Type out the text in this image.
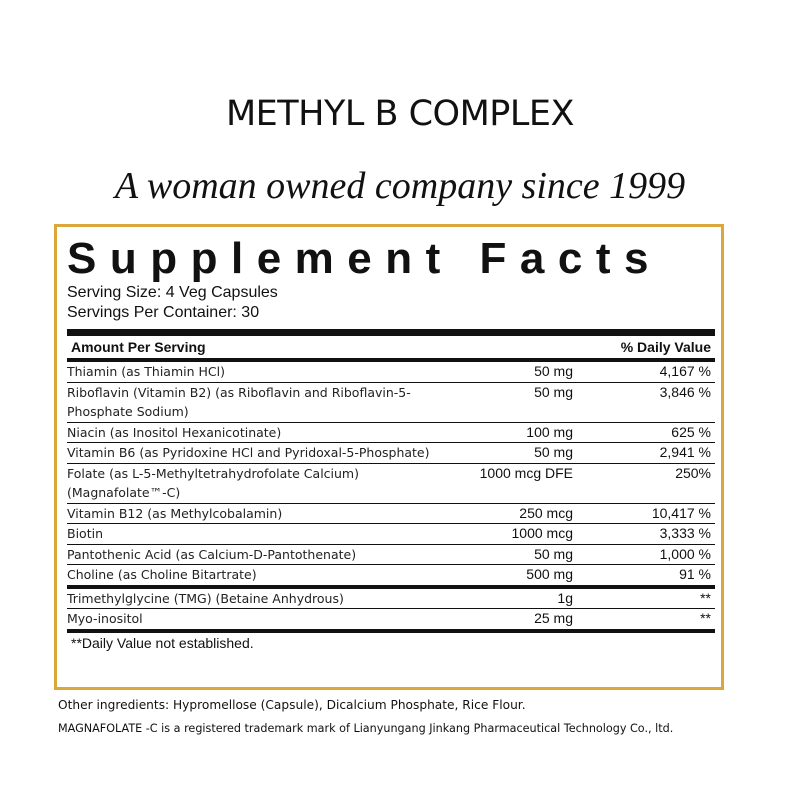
METHYL B COMPLEX
A woman owned company since 1999
Supplement Facts
Serving Size: 4 Veg Capsules
Servings Per Container: 30
Amount Per Serving	% Daily Value
Thiamin (as Thiamin HCl)	50 mg	4,167 %
Riboflavin (Vitamin B2) (as Riboflavin and Riboflavin-5-Phosphate Sodium)
50 mg	3,846 %
Niacin (as Inositol Hexanicotinate)	100 mg	625 %
Vitamin B6 (as Pyridoxine HCl and Pyridoxal-5-Phosphate)	50 mg	2,941 %
Folate (as L-5-Methyltetrahydrofolate Calcium)(Magnafolate™-C)
1000 mcg DFE	250%
Vitamin B12 (as Methylcobalamin)	250 mcg	10,417 %
Biotin	1000 mcg	3,333 %
Pantothenic Acid (as Calcium-D-Pantothenate)	50 mg	1,000 %
Choline (as Choline Bitartrate)	500 mg	91 %
Trimethylglycine (TMG) (Betaine Anhydrous)	1g	**
Myo-inositol	25 mg	**
**Daily Value not established.
Other ingredients: Hypromellose (Capsule), Dicalcium Phosphate, Rice Flour.
MAGNAFOLATE -C is a registered trademark mark of Lianyungang Jinkang Pharmaceutical Technology Co., ltd.
